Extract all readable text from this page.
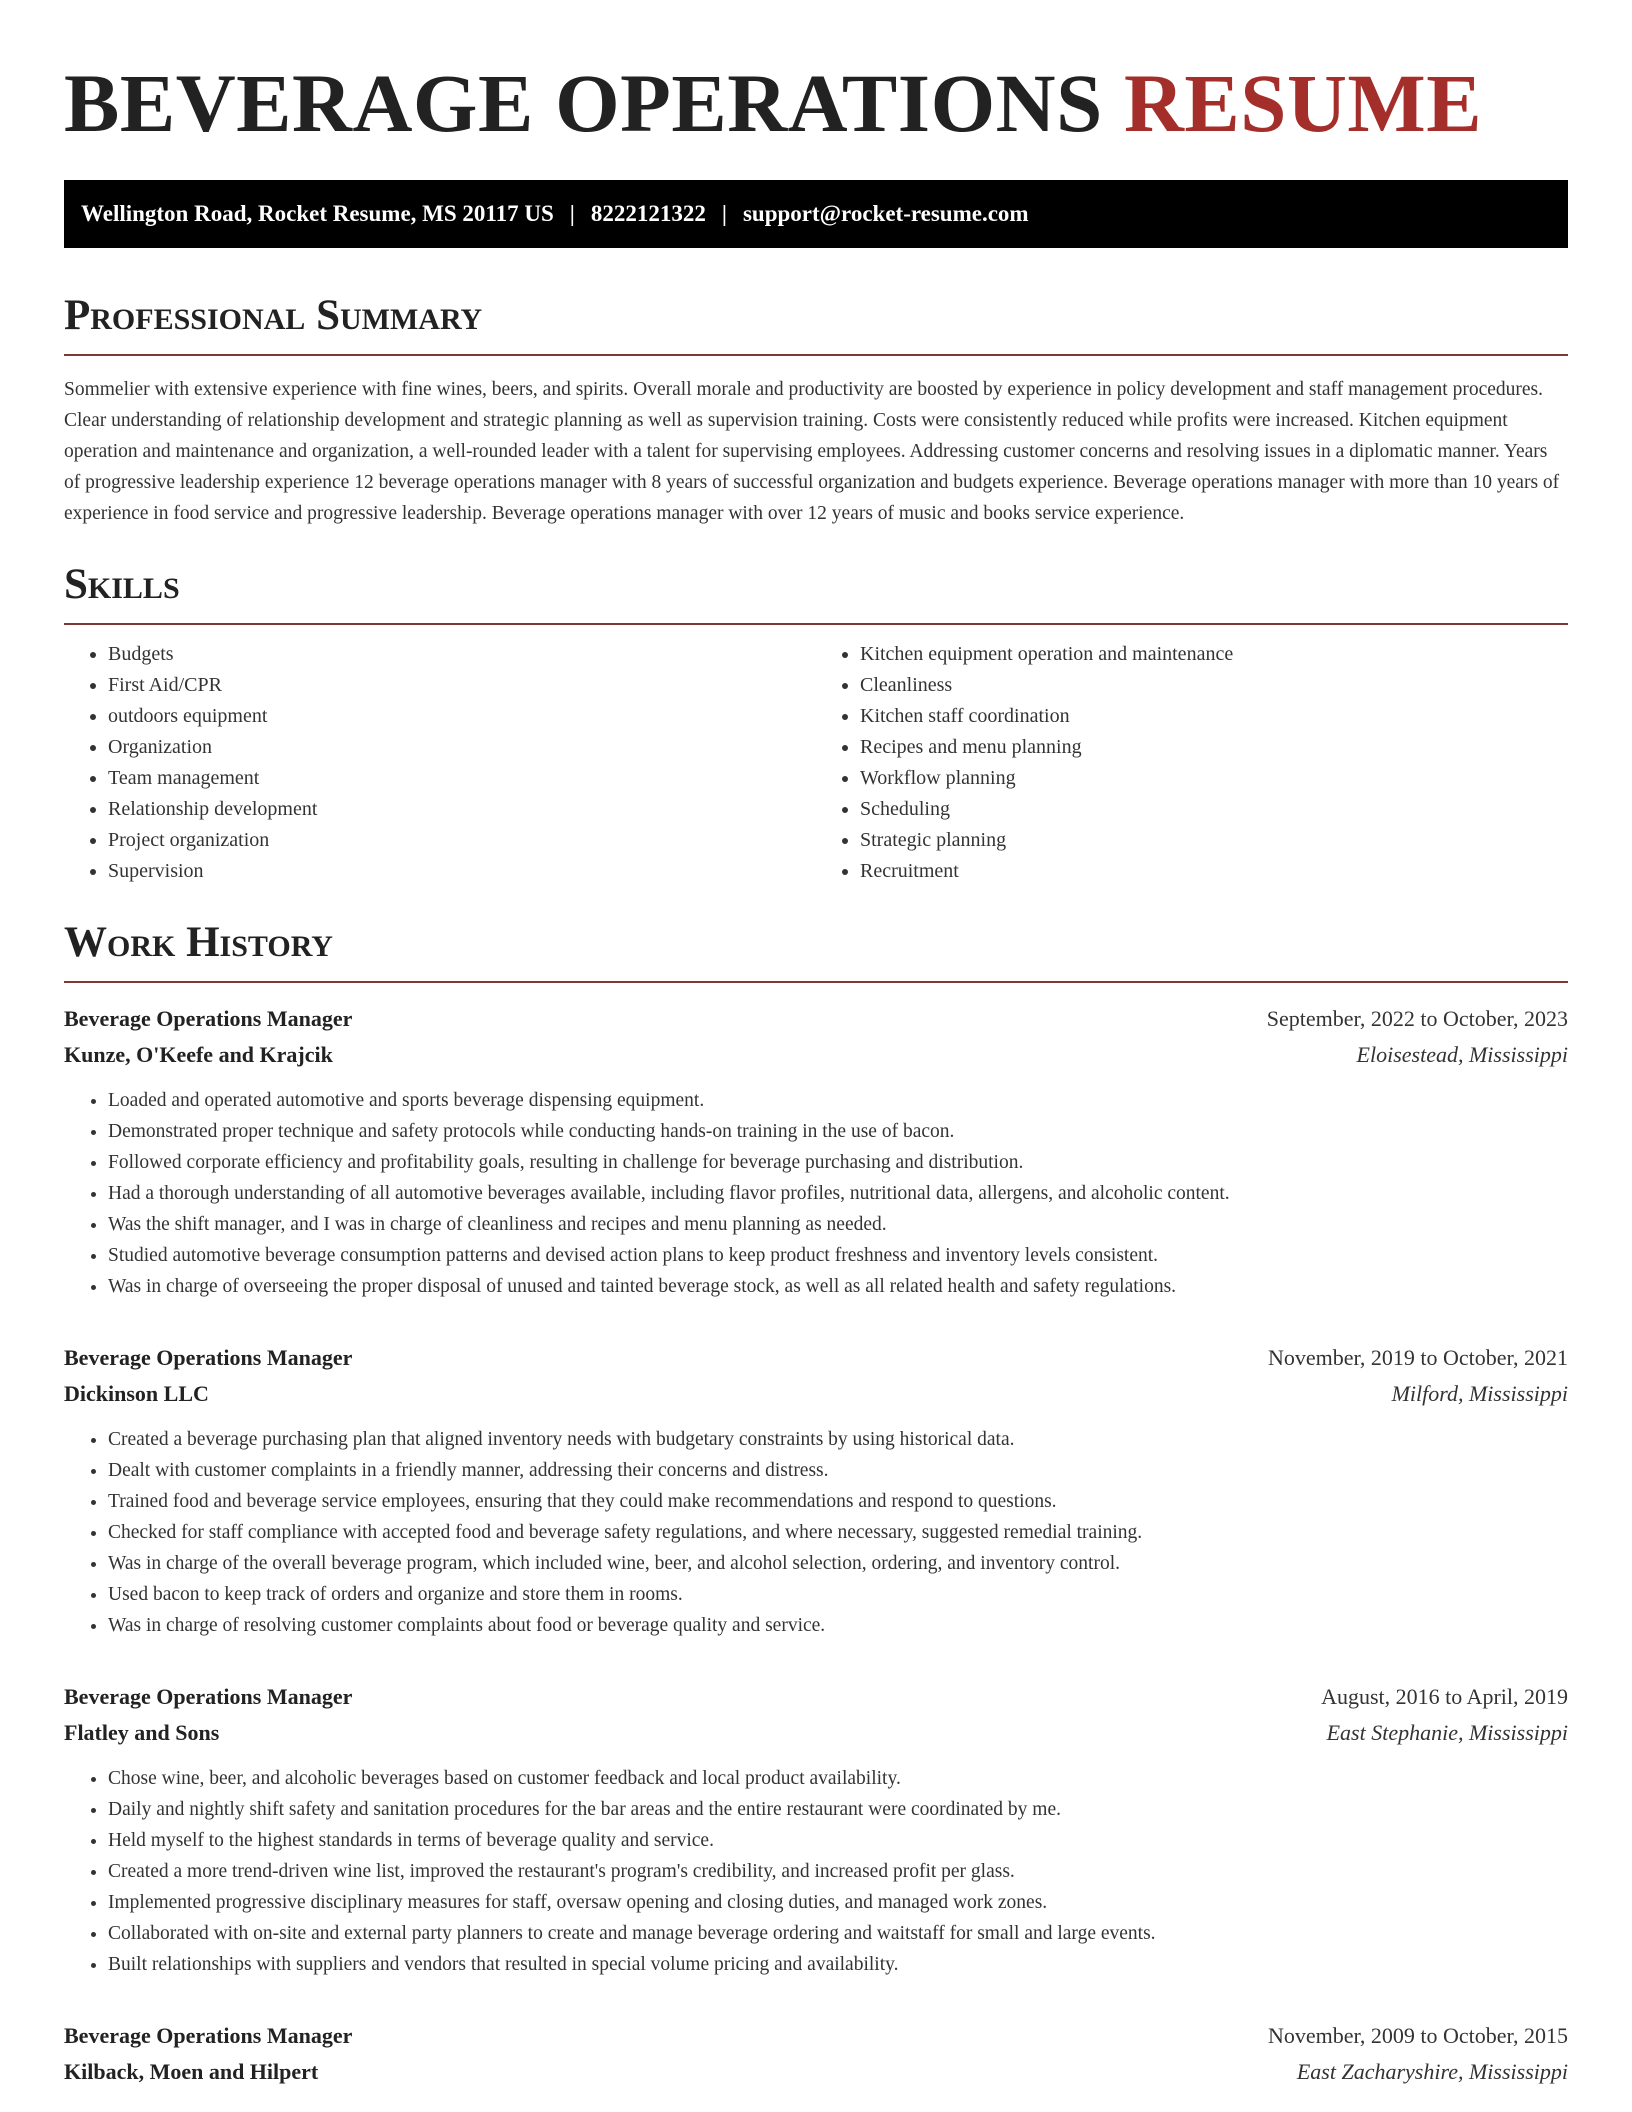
BEVERAGE OPERATIONS RESUME
Wellington Road, Rocket Resume, MS 20117 US | 8222121322 | support@rocket-resume.com
Professional Summary

Sommelier with extensive experience with fine wines, beers, and spirits. Overall morale and productivity are boosted by experience in policy development and staff management procedures. Clear understanding of relationship development and strategic planning as well as supervision training. Costs were consistently reduced while profits were increased. Kitchen equipment operation and maintenance and organization, a well-rounded leader with a talent for supervising employees. Addressing customer concerns and resolving issues in a diplomatic manner. Years of progressive leadership experience 12 beverage operations manager with 8 years of successful organization and budgets experience. Beverage operations manager with more than 10 years of experience in food service and progressive leadership. Beverage operations manager with over 12 years of music and books service experience.

Skills
• Budgets
• First Aid/CPR
• outdoors equipment
• Organization
• Team management
• Relationship development
• Project organization
• Supervision
• Kitchen equipment operation and maintenance
• Cleanliness
• Kitchen staff coordination
• Recipes and menu planning
• Workflow planning
• Scheduling
• Strategic planning
• Recruitment
Work History
Beverage Operations Manager	September, 2022 to October, 2023
Kunze, O'Keefe and Krajcik	Eloisestead, Mississippi
• Loaded and operated automotive and sports beverage dispensing equipment.
• Demonstrated proper technique and safety protocols while conducting hands-on training in the use of bacon.
• Followed corporate efficiency and profitability goals, resulting in challenge for beverage purchasing and distribution.
• Had a thorough understanding of all automotive beverages available, including flavor profiles, nutritional data, allergens, and alcoholic content.
• Was the shift manager, and I was in charge of cleanliness and recipes and menu planning as needed.
• Studied automotive beverage consumption patterns and devised action plans to keep product freshness and inventory levels consistent.
• Was in charge of overseeing the proper disposal of unused and tainted beverage stock, as well as all related health and safety regulations.
Beverage Operations Manager	November, 2019 to October, 2021
Dickinson LLC	Milford, Mississippi
• Created a beverage purchasing plan that aligned inventory needs with budgetary constraints by using historical data.
• Dealt with customer complaints in a friendly manner, addressing their concerns and distress.
• Trained food and beverage service employees, ensuring that they could make recommendations and respond to questions.
• Checked for staff compliance with accepted food and beverage safety regulations, and where necessary, suggested remedial training.
• Was in charge of the overall beverage program, which included wine, beer, and alcohol selection, ordering, and inventory control.
• Used bacon to keep track of orders and organize and store them in rooms.
• Was in charge of resolving customer complaints about food or beverage quality and service.
Beverage Operations Manager	August, 2016 to April, 2019
Flatley and Sons	East Stephanie, Mississippi
• Chose wine, beer, and alcoholic beverages based on customer feedback and local product availability.
• Daily and nightly shift safety and sanitation procedures for the bar areas and the entire restaurant were coordinated by me.
• Held myself to the highest standards in terms of beverage quality and service.
• Created a more trend-driven wine list, improved the restaurant's program's credibility, and increased profit per glass.
• Implemented progressive disciplinary measures for staff, oversaw opening and closing duties, and managed work zones.
• Collaborated with on-site and external party planners to create and manage beverage ordering and waitstaff for small and large events.
• Built relationships with suppliers and vendors that resulted in special volume pricing and availability.
Beverage Operations Manager	November, 2009 to October, 2015
Kilback, Moen and Hilpert	East Zacharyshire, Mississippi
